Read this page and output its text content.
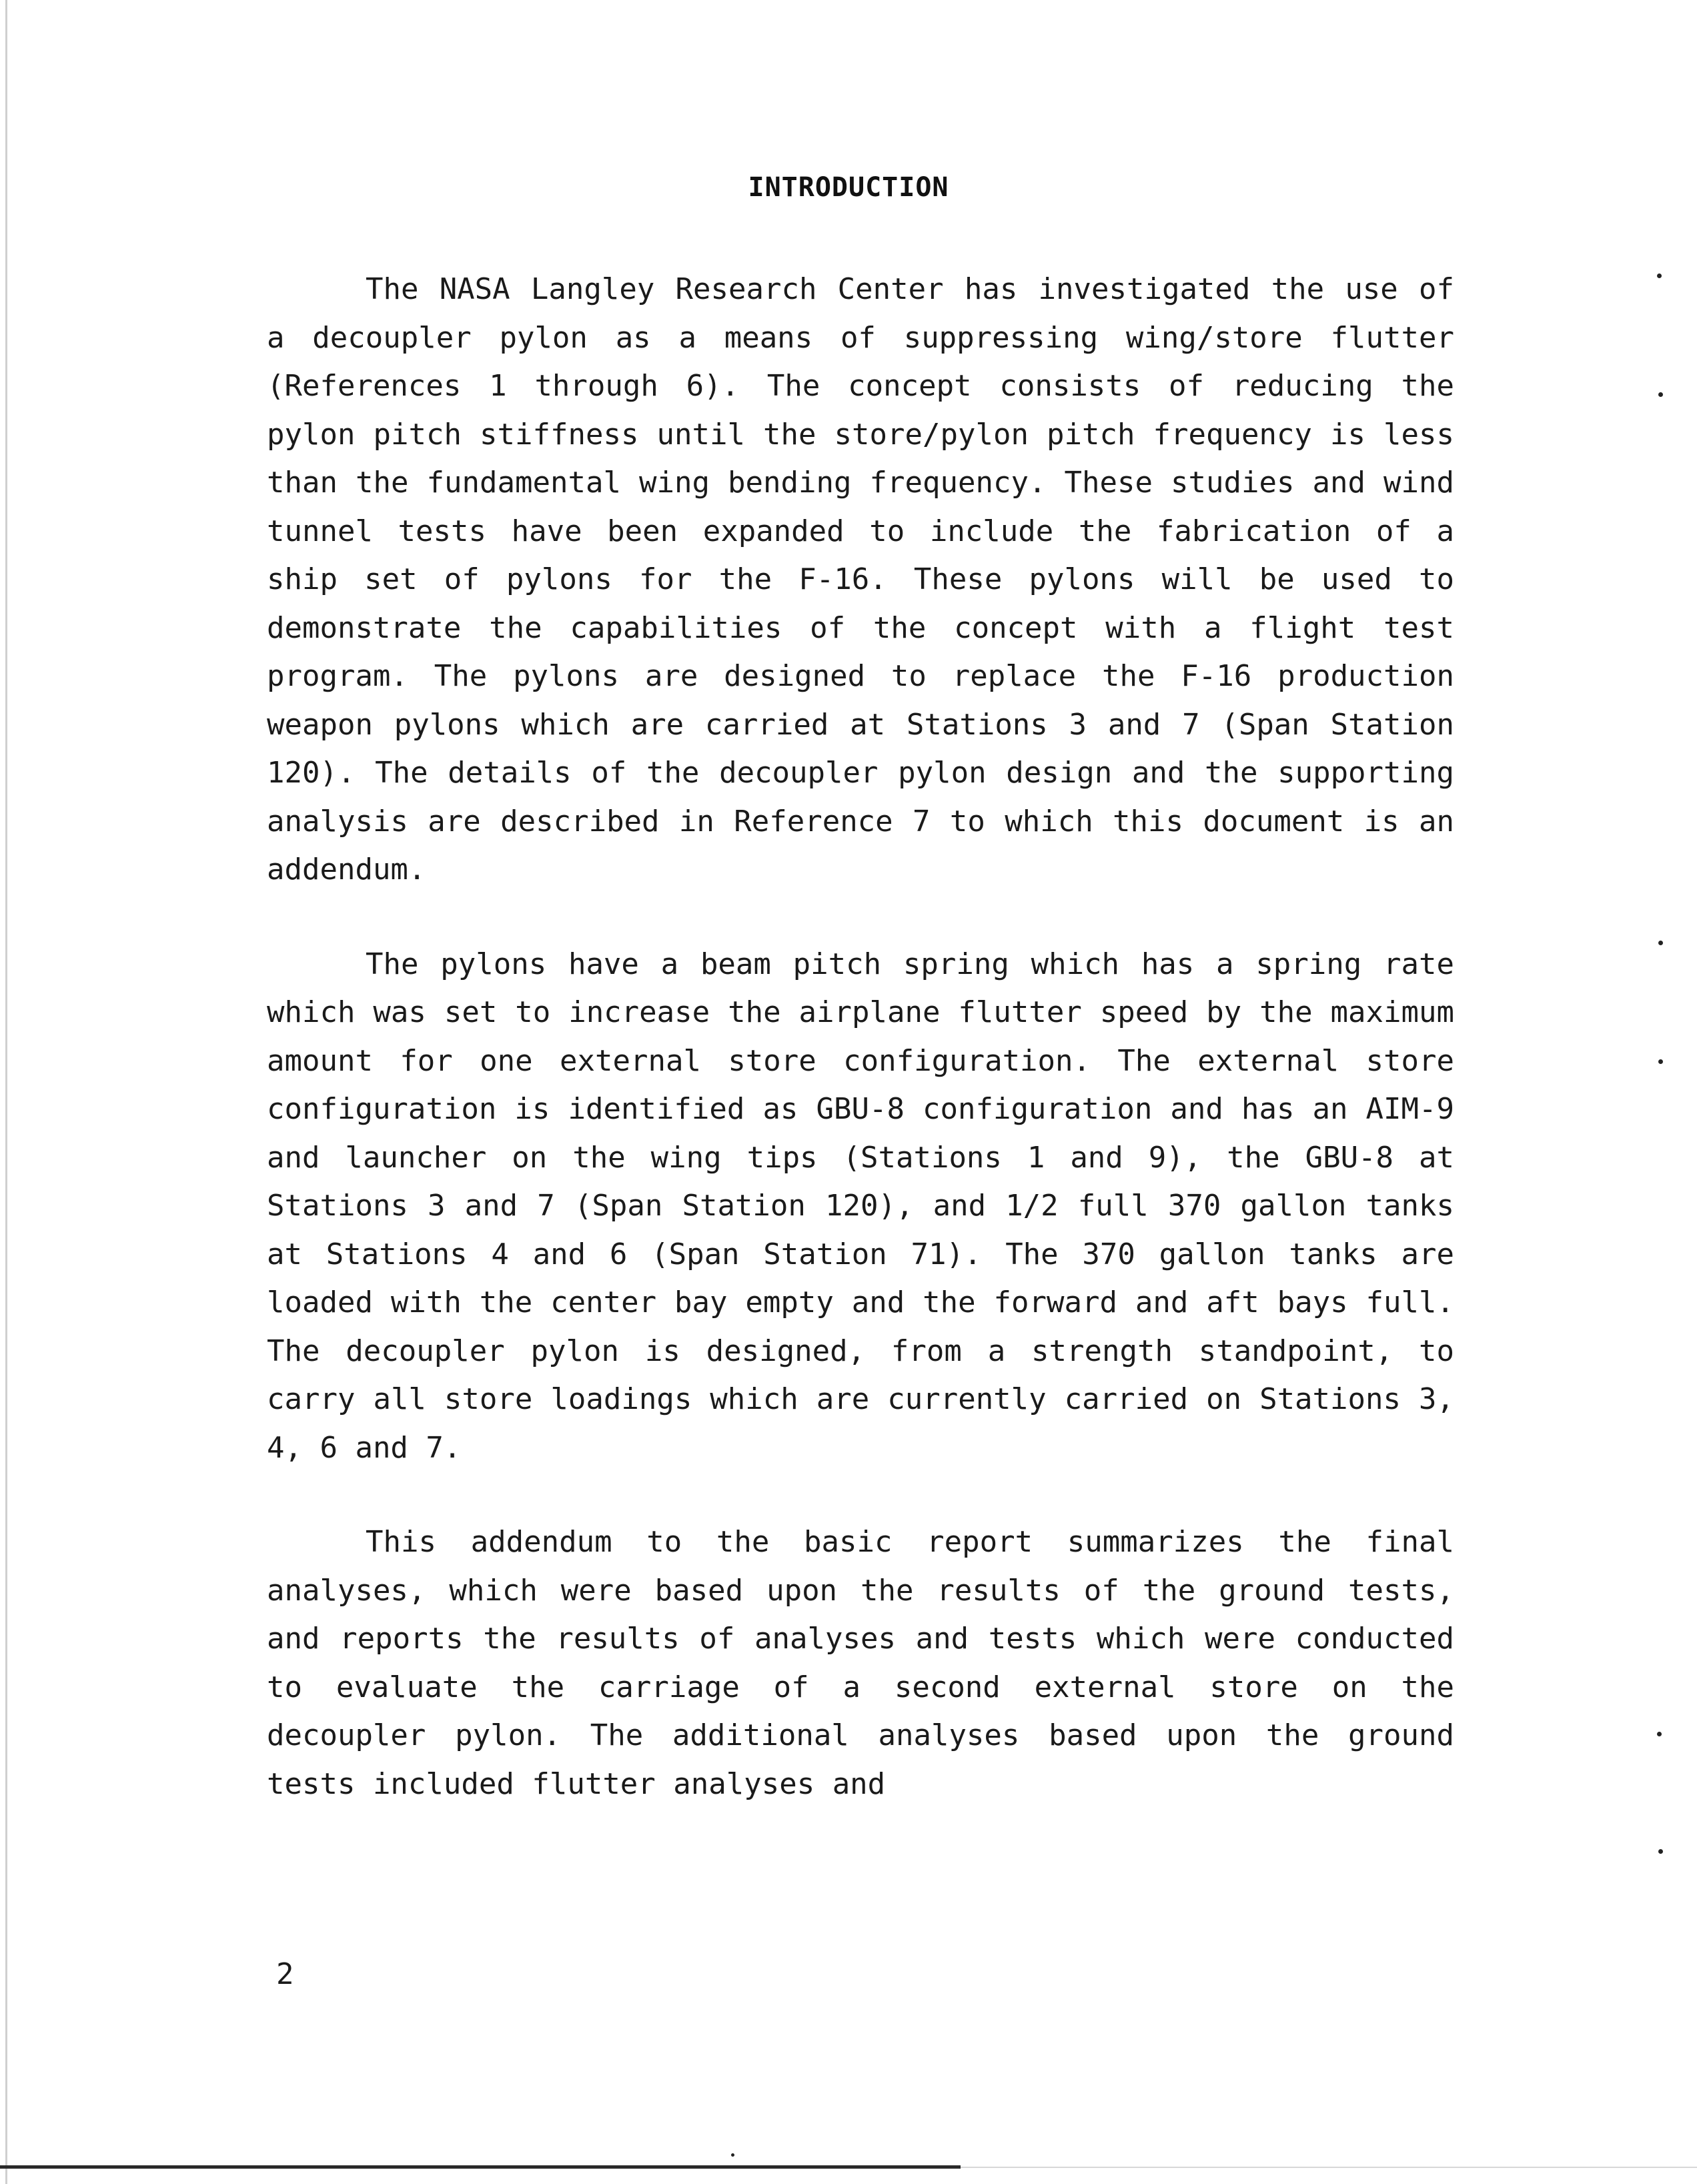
INTRODUCTION

The NASA Langley Research Center has investigated the use of a decoupler pylon as a means of suppressing wing/store flutter (References 1 through 6). The concept consists of reducing the pylon pitch stiffness until the store/pylon pitch frequency is less than the fundamental wing bending frequency. These studies and wind tunnel tests have been expanded to include the fabrication of a ship set of pylons for the F-16. These pylons will be used to demonstrate the capabilities of the concept with a flight test program. The pylons are designed to replace the F-16 production weapon pylons which are carried at Stations 3 and 7 (Span Station 120). The details of the decoupler pylon design and the supporting analysis are described in Reference 7 to which this document is an addendum.

The pylons have a beam pitch spring which has a spring rate which was set to increase the airplane flutter speed by the maximum amount for one external store configuration. The external store configuration is identified as GBU-8 configuration and has an AIM-9 and launcher on the wing tips (Stations 1 and 9), the GBU-8 at Stations 3 and 7 (Span Station 120), and 1/2 full 370 gallon tanks at Stations 4 and 6 (Span Station 71). The 370 gallon tanks are loaded with the center bay empty and the forward and aft bays full. The decoupler pylon is designed, from a strength standpoint, to carry all store loadings which are currently carried on Stations 3, 4, 6 and 7.

This addendum to the basic report summarizes the final analyses, which were based upon the results of the ground tests, and reports the results of analyses and tests which were conducted to evaluate the carriage of a second external store on the decoupler pylon. The additional analyses based upon the ground tests included flutter analyses and

2
